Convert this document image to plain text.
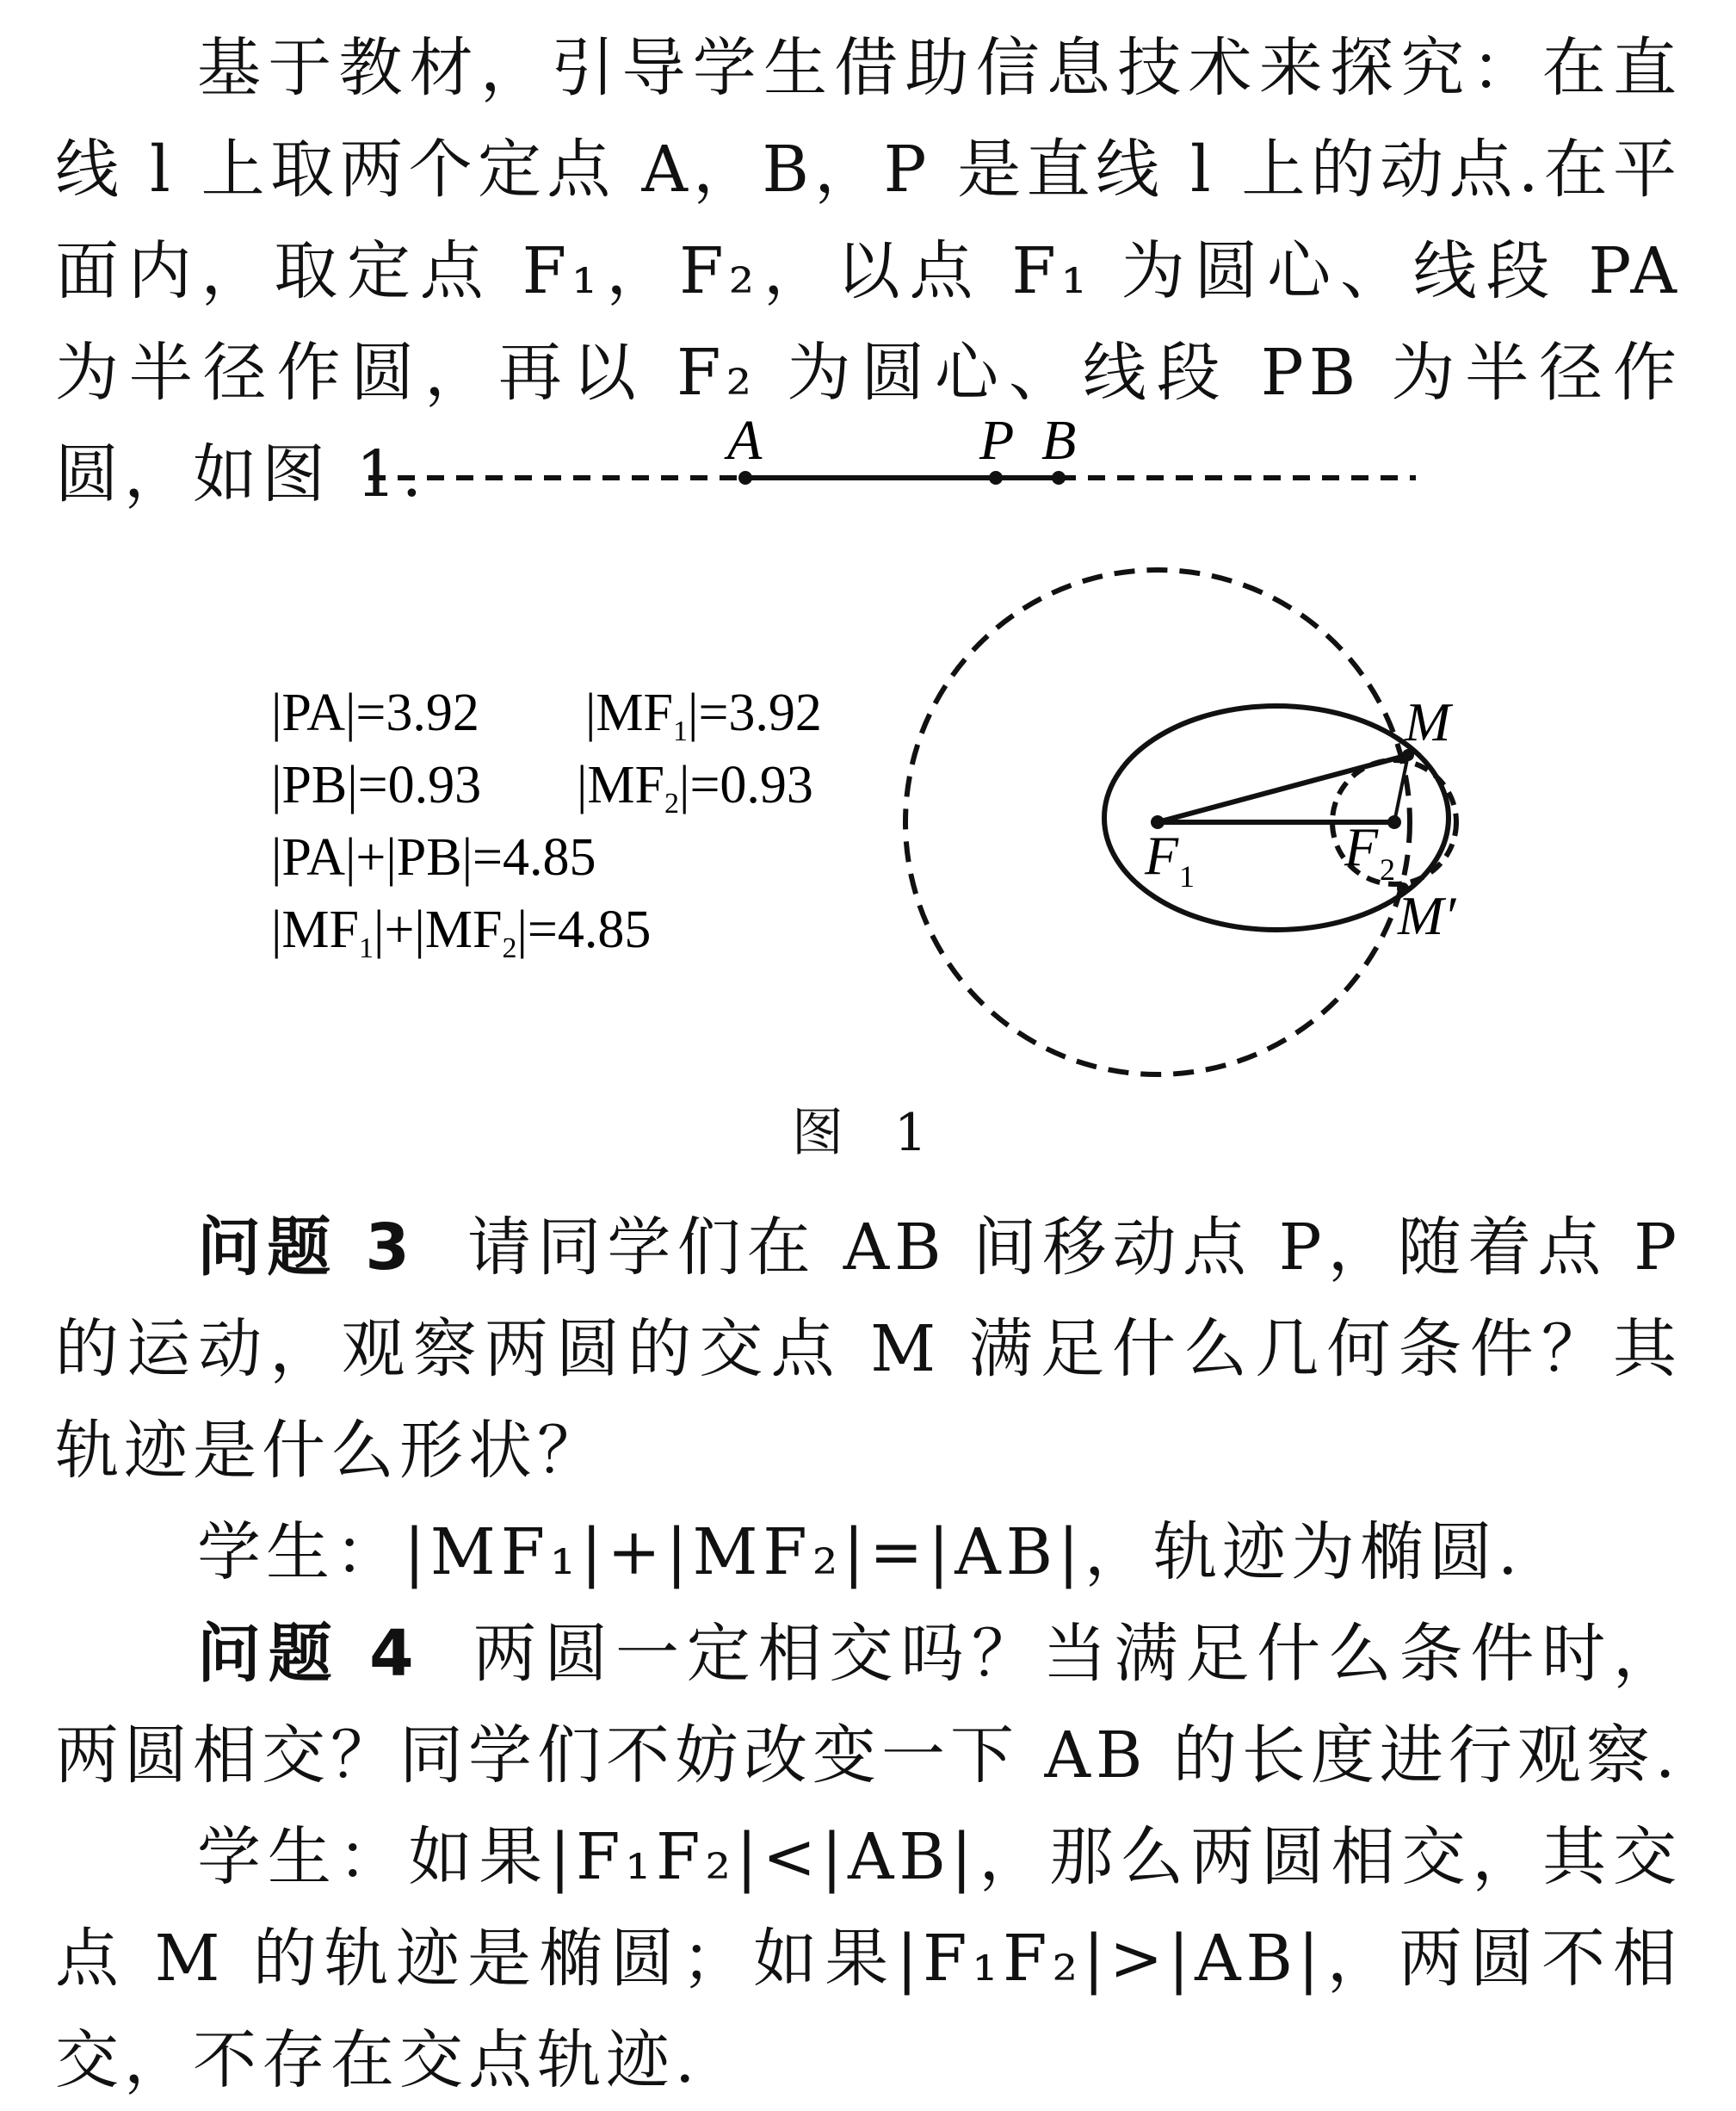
基于教材，引导学生借助信息技术来探究：在直线 l 上取两个定点 A，B，P 是直线 l 上的动点.在平面内，取定点 F₁，F₂，以点 F₁ 为圆心、线段 PA 为半径作圆，再以 F₂ 为圆心、线段 PB 为半径作圆，如图 1.	A	P B
M
M′
F 1	F 2
|PA|=3.92 |MF1|=3.92
|PB|=0.93 |MF2|=0.93
|PA|+|PB|=4.85
|MF1|+|MF2|=4.85
图 1

问题 3 请同学们在 AB 间移动点 P，随着点 P 的运动，观察两圆的交点 M 满足什么几何条件？其轨迹是什么形状？

学生：|MF₁|+|MF₂|=|AB|，轨迹为椭圆.

问题 4 两圆一定相交吗？当满足什么条件时，两圆相交？同学们不妨改变一下 AB 的长度进行观察.

学生：如果|F₁F₂|<|AB|，那么两圆相交，其交点 M 的轨迹是椭圆；如果|F₁F₂|>|AB|，两圆不相交，不存在交点轨迹.
